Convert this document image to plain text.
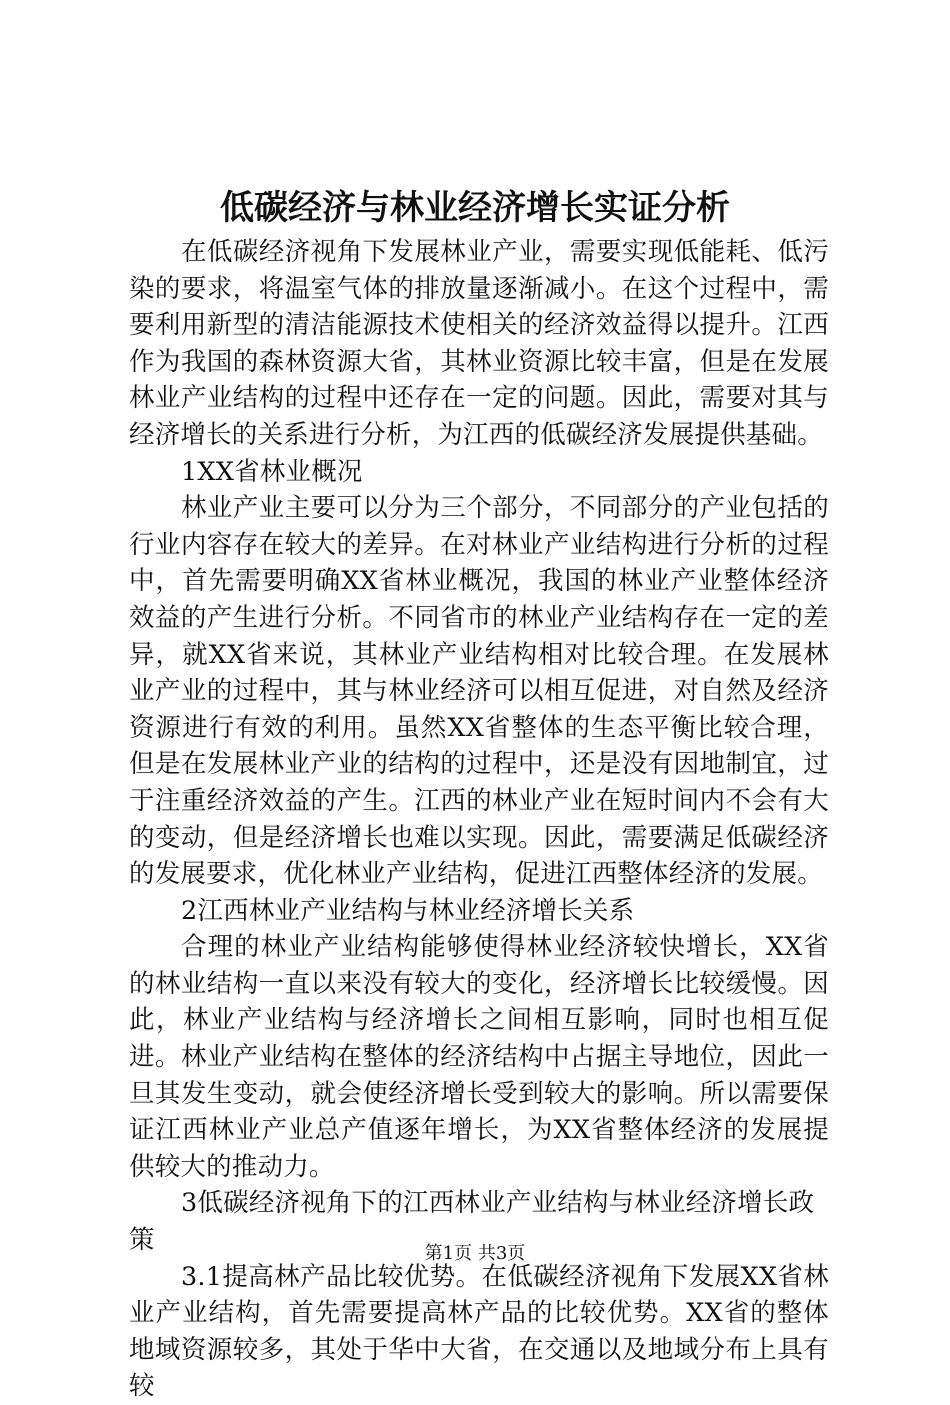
低碳经济与林业经济增长实证分析

在低碳经济视角下发展林业产业，需要实现低能耗、低污染的要求，将温室气体的排放量逐渐减小。在这个过程中，需要利用新型的清洁能源技术使相关的经济效益得以提升。江西作为我国的森林资源大省，其林业资源比较丰富，但是在发展林业产业结构的过程中还存在一定的问题。因此，需要对其与经济增长的关系进行分析，为江西的低碳经济发展提供基础。

1XX省林业概况

林业产业主要可以分为三个部分，不同部分的产业包括的行业内容存在较大的差异。在对林业产业结构进行分析的过程中，首先需要明确XX省林业概况，我国的林业产业整体经济效益的产生进行分析。不同省市的林业产业结构存在一定的差异，就XX省来说，其林业产业结构相对比较合理。在发展林业产业的过程中，其与林业经济可以相互促进，对自然及经济资源进行有效的利用。虽然XX省整体的生态平衡比较合理，但是在发展林业产业的结构的过程中，还是没有因地制宜，过于注重经济效益的产生。江西的林业产业在短时间内不会有大的变动，但是经济增长也难以实现。因此，需要满足低碳经济的发展要求，优化林业产业结构，促进江西整体经济的发展。

2江西林业产业结构与林业经济增长关系

合理的林业产业结构能够使得林业经济较快增长，XX省的林业结构一直以来没有较大的变化，经济增长比较缓慢。因此，林业产业结构与经济增长之间相互影响，同时也相互促进。林业产业结构在整体的经济结构中占据主导地位，因此一旦其发生变动，就会使经济增长受到较大的影响。所以需要保证江西林业产业总产值逐年增长，为XX省整体经济的发展提供较大的推动力。

3低碳经济视角下的江西林业产业结构与林业经济增长政策

3.1提高林产品比较优势。在低碳经济视角下发展XX省林业产业结构，首先需要提高林产品的比较优势。XX省的整体地域资源较多，其处于华中大省，在交通以及地域分布上具有较

第1页 共3页
